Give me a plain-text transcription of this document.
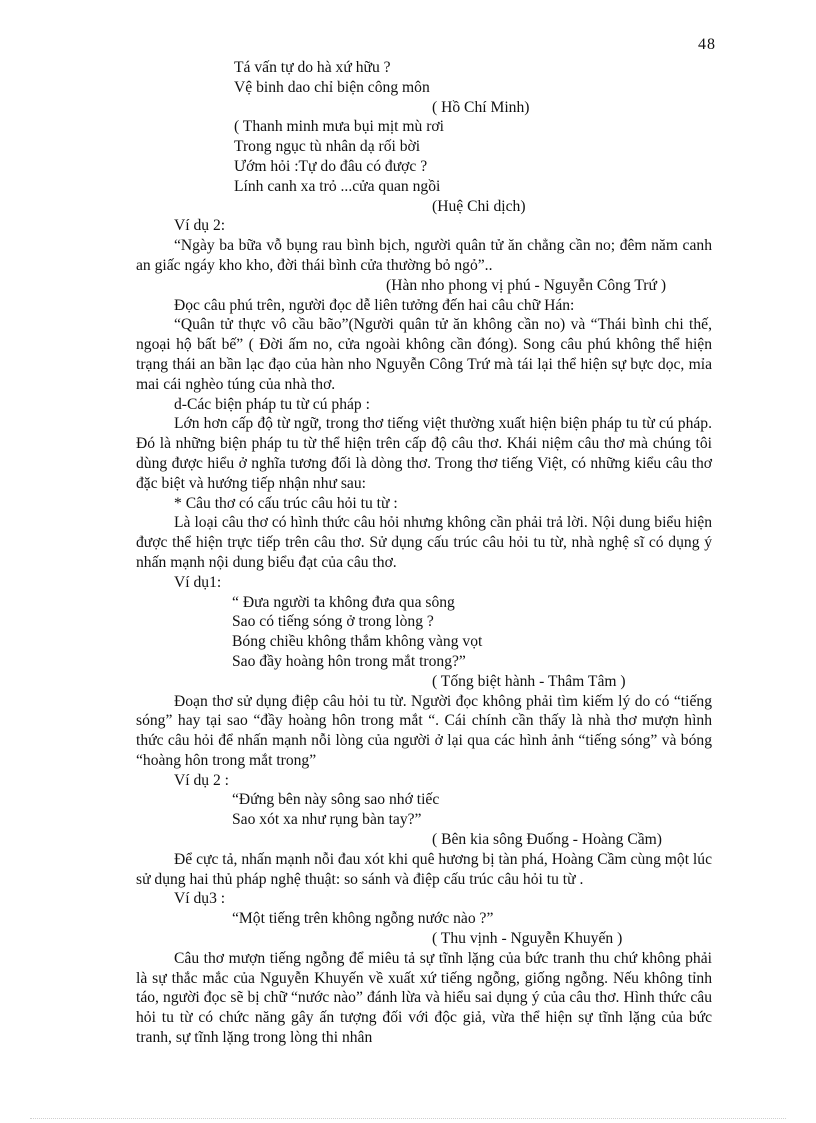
48
Tá vấn tự do hà xứ hữu ?
Vệ binh dao chỉ biện công môn
( Hồ Chí Minh)
( Thanh minh mưa bụi mịt mù rơi
Trong ngục tù nhân dạ rối bời
Ướm hỏi :Tự do đâu có được ?
Lính canh xa trỏ ...cửa quan ngồi
(Huệ Chi dịch)
Ví dụ 2:

“Ngày ba bữa vỗ bụng rau bình bịch, người quân tử ăn chẳng cần no; đêm năm canh an giấc ngáy kho kho, đời thái bình cửa thường bỏ ngỏ”..

(Hàn nho phong vị phú - Nguyễn Công Trứ )

Đọc câu phú trên, người đọc dễ liên tưởng đến hai câu chữ Hán:

“Quân tử thực vô cầu bão”(Người quân tử ăn không cần no) và “Thái bình chi thế, ngoại hộ bất bế” ( Đời ấm no, cửa ngoài không cần đóng). Song câu phú không thể hiện trạng thái an bần lạc đạo của hàn nho Nguyễn Công Trứ mà tái lại thể hiện sự bực dọc, mỉa mai cái nghèo túng của nhà thơ.

d-Các biện pháp tu từ cú pháp :

Lớn hơn cấp độ từ ngữ, trong thơ tiếng việt thường xuất hiện biện pháp tu từ cú pháp. Đó là những biện pháp tu từ thể hiện trên cấp độ câu thơ. Khái niệm câu thơ mà chúng tôi dùng được hiểu ở nghĩa tương đối là dòng thơ. Trong thơ tiếng Việt, có những kiểu câu thơ đặc biệt và hướng tiếp nhận như sau:

* Câu thơ có cấu trúc câu hỏi tu từ :

Là loại câu thơ có hình thức câu hỏi nhưng không cần phải trả lời. Nội dung biểu hiện được thể hiện trực tiếp trên câu thơ. Sử dụng cấu trúc câu hỏi tu từ, nhà nghệ sĩ có dụng ý nhấn mạnh nội dung biểu đạt của câu thơ.

Ví dụ1:
“ Đưa người ta không đưa qua sông
Sao có tiếng sóng ở trong lòng ?
Bóng chiều không thắm không vàng vọt
Sao đầy hoàng hôn trong mắt trong?”
( Tống biệt hành - Thâm Tâm )

Đoạn thơ sử dụng điệp câu hỏi tu từ. Người đọc không phải tìm kiếm lý do có “tiếng sóng” hay tại sao “đầy hoàng hôn trong mắt “. Cái chính cần thấy là nhà thơ mượn hình thức câu hỏi để nhấn mạnh nỗi lòng của người ở lại qua các hình ảnh “tiếng sóng” và bóng “hoàng hôn trong mắt trong”

Ví dụ 2 :
“Đứng bên này sông sao nhớ tiếc
Sao xót xa như rụng bàn tay?”
( Bên kia sông Đuống - Hoàng Cầm)

Để cực tả, nhấn mạnh nỗi đau xót khi quê hương bị tàn phá, Hoàng Cầm cùng một lúc sử dụng hai thủ pháp nghệ thuật: so sánh và điệp cấu trúc câu hỏi tu từ .

Ví dụ3 :
“Một tiếng trên không ngỗng nước nào ?”
( Thu vịnh - Nguyễn Khuyến )

Câu thơ mượn tiếng ngỗng để miêu tả sự tĩnh lặng của bức tranh thu chứ không phải là sự thắc mắc của Nguyễn Khuyến về xuất xứ tiếng ngỗng, giống ngỗng. Nếu không tỉnh táo, người đọc sẽ bị chữ “nước nào” đánh lừa và hiểu sai dụng ý của câu thơ. Hình thức câu hỏi tu từ có chức năng gây ấn tượng đối với độc giả, vừa thể hiện sự tĩnh lặng của bức tranh, sự tĩnh lặng trong lòng thi nhân
